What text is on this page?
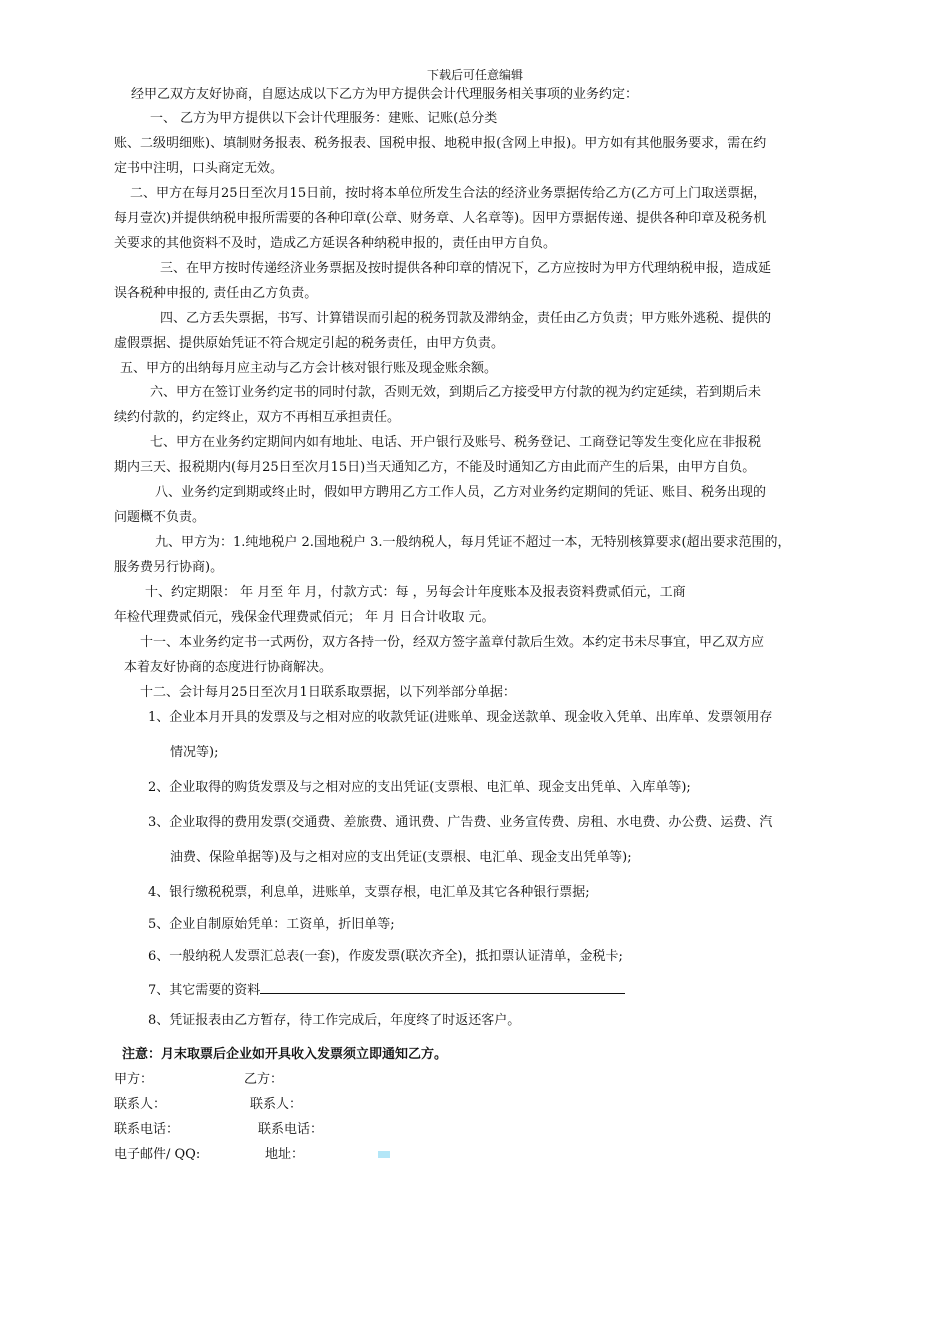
下载后可任意编辑
经甲乙双方友好协商，自愿达成以下乙方为甲方提供会计代理服务相关事项的业务约定：
一、 乙方为甲方提供以下会计代理服务：建账、记账(总分类
账、二级明细账)、填制财务报表、税务报表、国税申报、地税申报(含网上申报)。甲方如有其他服务要求，需在约
定书中注明，口头商定无效。
二、甲方在每月25日至次月15日前，按时将本单位所发生合法的经济业务票据传给乙方(乙方可上门取送票据，
每月壹次)并提供纳税申报所需要的各种印章(公章、财务章、人名章等)。因甲方票据传递、提供各种印章及税务机
关要求的其他资料不及时，造成乙方延误各种纳税申报的，责任由甲方自负。
三、在甲方按时传递经济业务票据及按时提供各种印章的情况下，乙方应按时为甲方代理纳税申报，造成延
误各税种申报的, 责任由乙方负责。
四、乙方丢失票据，书写、计算错误而引起的税务罚款及滞纳金，责任由乙方负责；甲方账外逃税、提供的
虚假票据、提供原始凭证不符合规定引起的税务责任，由甲方负责。
五、甲方的出纳每月应主动与乙方会计核对银行账及现金账余额。
六、甲方在签订业务约定书的同时付款，否则无效，到期后乙方接受甲方付款的视为约定延续，若到期后未
续约付款的，约定终止，双方不再相互承担责任。
七、甲方在业务约定期间内如有地址、电话、开户银行及账号、税务登记、工商登记等发生变化应在非报税
期内三天、报税期内(每月25日至次月15日)当天通知乙方，不能及时通知乙方由此而产生的后果，由甲方自负。
八、业务约定到期或终止时，假如甲方聘用乙方工作人员，乙方对业务约定期间的凭证、账目、税务出现的
问题概不负责。
九、甲方为：1.纯地税户 2.国地税户 3.一般纳税人，每月凭证不超过一本，无特别核算要求(超出要求范围的，
服务费另行协商)。
十、约定期限： 年 月至 年 月，付款方式：每 ，另每会计年度账本及报表资料费贰佰元，工商
年检代理费贰佰元，残保金代理费贰佰元； 年 月 日合计收取 元。
十一、本业务约定书一式两份，双方各持一份，经双方签字盖章付款后生效。本约定书未尽事宜，甲乙双方应
本着友好协商的态度进行协商解决。
十二、会计每月25日至次月1日联系取票据，以下列举部分单据：
1、企业本月开具的发票及与之相对应的收款凭证(进账单、现金送款单、现金收入凭单、出库单、发票领用存
情况等);
2、企业取得的购货发票及与之相对应的支出凭证(支票根、电汇单、现金支出凭单、入库单等);
3、企业取得的费用发票(交通费、差旅费、通讯费、广告费、业务宣传费、房租、水电费、办公费、运费、汽
油费、保险单据等)及与之相对应的支出凭证(支票根、电汇单、现金支出凭单等);
4、银行缴税税票，利息单，进账单，支票存根，电汇单及其它各种银行票据;
5、企业自制原始凭单：工资单，折旧单等;
6、一般纳税人发票汇总表(一套)，作废发票(联次齐全)，抵扣票认证清单，金税卡;
7、其它需要的资料
8、凭证报表由乙方暂存，待工作完成后，年度终了时返还客户。
注意：月末取票后企业如开具收入发票须立即通知乙方。
甲方：	乙方：
联系人：	联系人：
联系电话：	联系电话：
电子邮件/ QQ:	地址：
